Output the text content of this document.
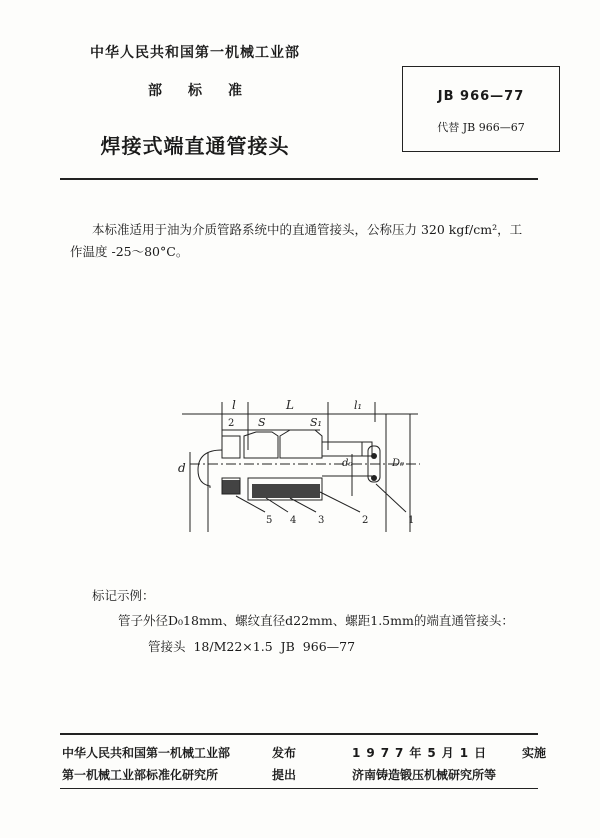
中华人民共和国第一机械工业部
部标准
焊接式端直通管接头
JB 966—77
代替 JB 966—67
本标准适用于油为介质管路系统中的直通管接头，公称压力 320 kgf/cm²，工
作温度 -25～80°C。
l	L	l₁
2 S	S₁
d	d₀	D₀
5 4 3	2	1
标记示例：
管子外径D₀18mm、螺纹直径d22mm、螺距1.5mm的端直通管接头：
管接头 18/M22×1.5 JB 966—77
中华人民共和国第一机械工业部	发布	1977年5月1日 实施
第一机械工业部标准化研究所	提出	济南铸造锻压机械研究所等
